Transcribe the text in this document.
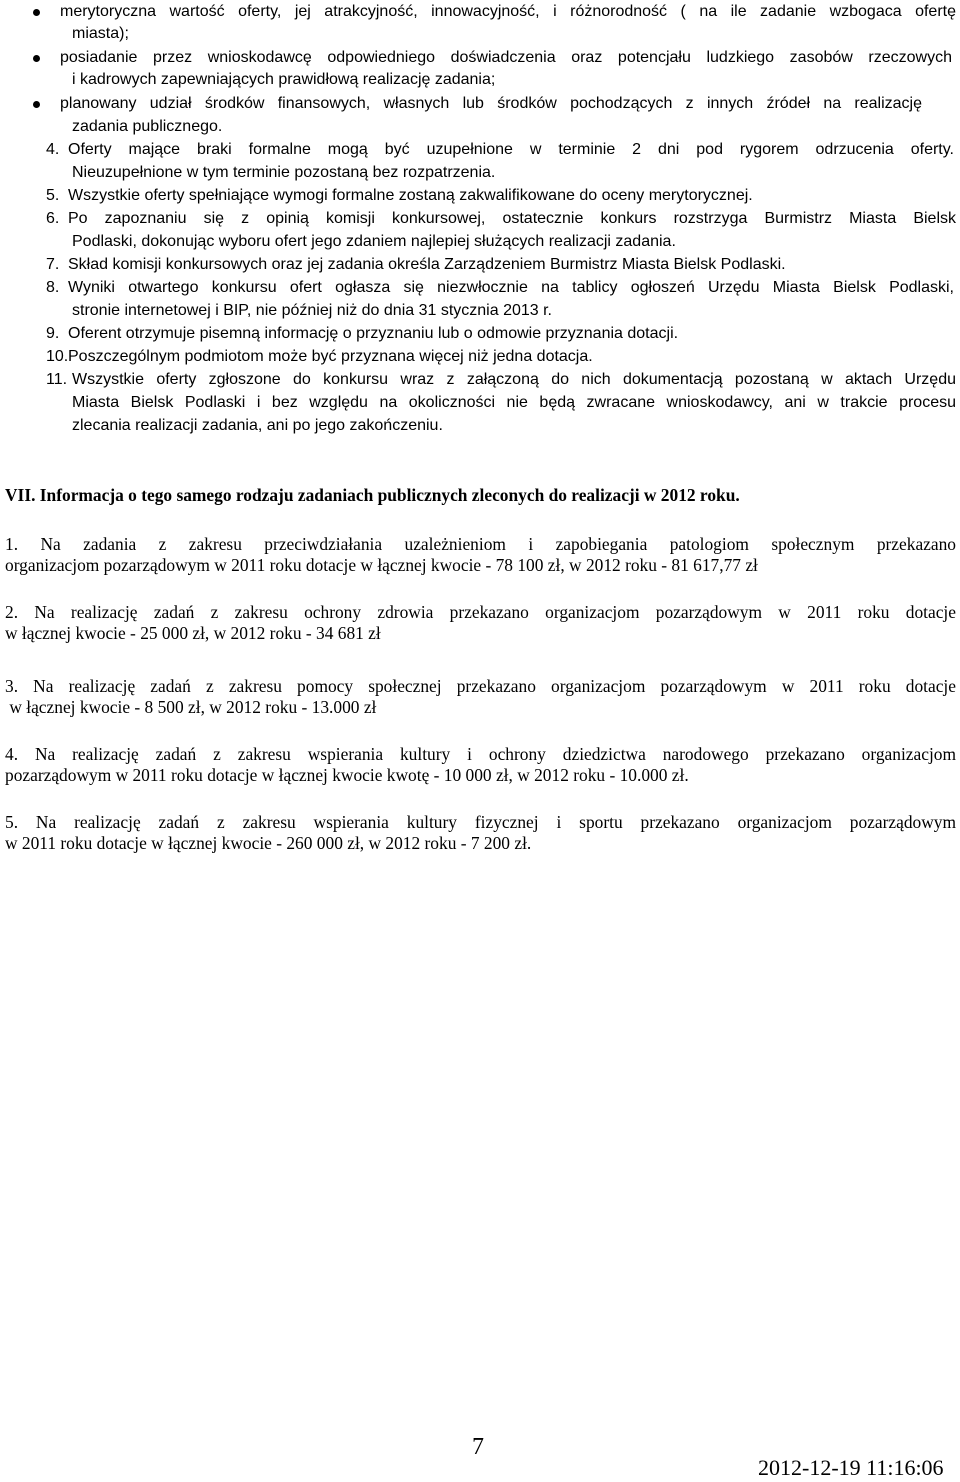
merytoryczna wartość oferty, jej atrakcyjność, innowacyjność, i różnorodność ( na ile zadanie wzbogaca ofertę
miasta);
posiadanie przez wnioskodawcę odpowiedniego doświadczenia oraz potencjału ludzkiego zasobów rzeczowych
i kadrowych zapewniających prawidłową realizację zadania;
planowany udział środków finansowych, własnych lub środków pochodzących z innych źródeł na realizację
zadania publicznego.
4. Oferty mające braki formalne mogą być uzupełnione w terminie 2 dni pod rygorem odrzucenia oferty.
Nieuzupełnione w tym terminie pozostaną bez rozpatrzenia.
5. Wszystkie oferty spełniające wymogi formalne zostaną zakwalifikowane do oceny merytorycznej.
6. Po zapoznaniu się z opinią komisji konkursowej, ostatecznie konkurs rozstrzyga Burmistrz Miasta Bielsk
Podlaski, dokonując wyboru ofert jego zdaniem najlepiej służących realizacji zadania.
7. Skład komisji konkursowych oraz jej zadania określa Zarządzeniem Burmistrz Miasta Bielsk Podlaski.
8. Wyniki otwartego konkursu ofert ogłasza się niezwłocznie na tablicy ogłoszeń Urzędu Miasta Bielsk Podlaski,
stronie internetowej i BIP, nie później niż do dnia 31 stycznia 2013 r.
9. Oferent otrzymuje pisemną informację o przyznaniu lub o odmowie przyznania dotacji.
10. Poszczególnym podmiotom może być przyznana więcej niż jedna dotacja.
11. Wszystkie oferty zgłoszone do konkursu wraz z załączoną do nich dokumentacją pozostaną w aktach Urzędu
Miasta Bielsk Podlaski i bez względu na okoliczności nie będą zwracane wnioskodawcy, ani w trakcie procesu
zlecania realizacji zadania, ani po jego zakończeniu.
VII. Informacja o tego samego rodzaju zadaniach publicznych zleconych do realizacji w 2012 roku.
1. Na zadania z zakresu przeciwdziałania uzależnieniom i zapobiegania patologiom społecznym przekazano
organizacjom pozarządowym w 2011 roku dotacje w łącznej kwocie - 78 100 zł, w 2012 roku - 81 617,77 zł
2. Na realizację zadań z zakresu ochrony zdrowia przekazano organizacjom pozarządowym w 2011 roku dotacje
w łącznej kwocie - 25 000 zł, w 2012 roku - 34 681 zł
3. Na realizację zadań z zakresu pomocy społecznej przekazano organizacjom pozarządowym w 2011 roku dotacje
w łącznej kwocie - 8 500 zł, w 2012 roku - 13.000 zł
4. Na realizację zadań z zakresu wspierania kultury i ochrony dziedzictwa narodowego przekazano organizacjom
pozarządowym w 2011 roku dotacje w łącznej kwocie kwotę - 10 000 zł, w 2012 roku - 10.000 zł.
5. Na realizację zadań z zakresu wspierania kultury fizycznej i sportu przekazano organizacjom pozarządowym
w 2011 roku dotacje w łącznej kwocie - 260 000 zł, w 2012 roku - 7 200 zł.
7
2012-12-19 11:16:06
